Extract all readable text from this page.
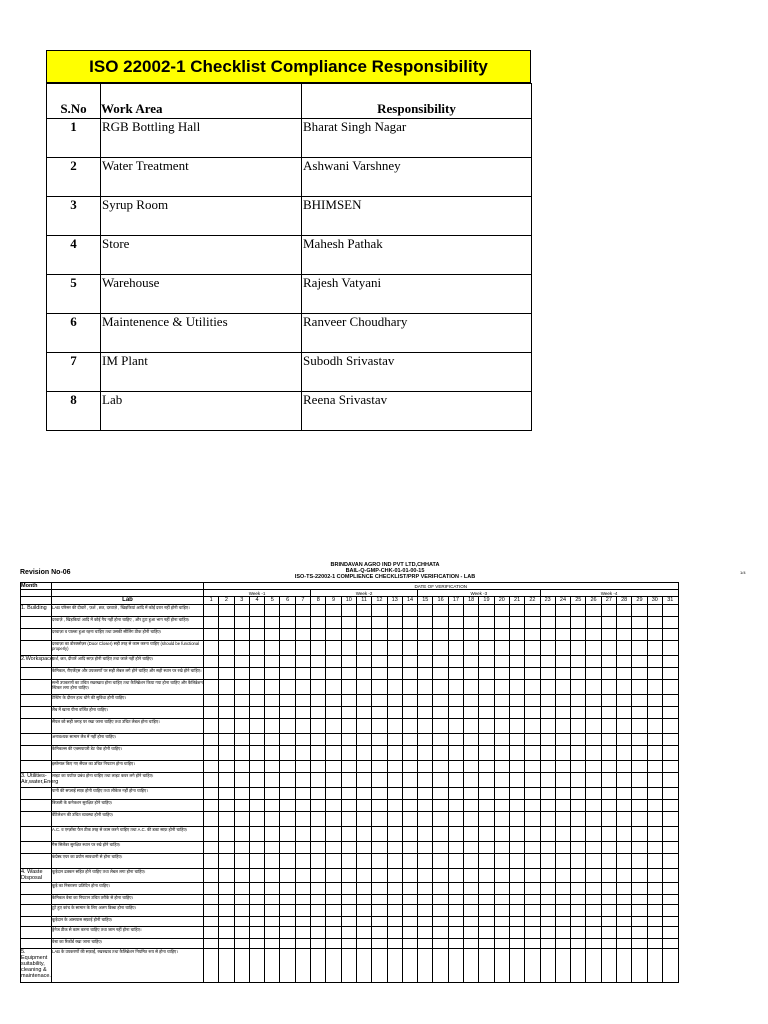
ISO 22002-1 Checklist Compliance Responsibility
S.No	Work Area	Responsibility
1	RGB Bottling Hall	Bharat Singh Nagar
2	Water Treatment	Ashwani Varshney
3	Syrup Room	BHIMSEN
4	Store	Mahesh Pathak
5	Warehouse	Rajesh Vatyani
6	Maintenence & Utilities	Ranveer Choudhary
7	IM Plant	Subodh Srivastav
8	Lab	Reena Srivastav
BRINDAVAN AGRO IND PVT LTD,CHHATA
BAIL-Q-GMP-CHK-01-01-00-15
ISO-TS-22002-1 COMPLIENCE CHECKLIST/PRP VERIFICATION - LAB
Revision No-06	1/4
Month		DATE OF VERIFICATION																														
		Week -1							Week -2							Week -3								Week -4								
	Lab	1	2	3	4	5	6	7	8	9	10	11	12	13	14	15	16	17	18	19	20	21	22	23	24	25	26	27	28	29	30	31
1. Building	LAB परिसर की दीवारें , फ़र्श , छत, दरवाज़े , खिड़कियां आदि में कोई दरार नहीं होनी चाहिए।																															
	दरवाज़े , खिड़कियां आदि में कोई गैप नहीं होना चाहिए , और टूटा हुआ भाग नहीं होना चाहिए।																															
	दरवाज़ा व पाल्ला हुआ रहना चाहिए तथा उसकी सीलिंग ठीक होनी चाहिए।																															
	दरवाज़ा का डोरक्लोज़र (Door Closer) सही तरह से काम करना चाहिए (should be functional properly)																															
2.Workspace	फ़र्श, छत, दीवारें आदि साफ़ होनी चाहिए तथा जाले नहीं होने चाहिए।																															
	केमिकल, रीएजेंट्स और उपकरणों पर सही लेबल लगे होने चाहिए और सही स्थान पर रखे होने चाहिए।																															
	सभी उपकरणों का उचित रखरखाव होना चाहिए तथा कैलिब्रेशन किया गया होना चाहिए और कैलिब्रेशन स्टिकर लगा होना चाहिए।																															
	टेस्टिंग के दौरान हाथ धोने की सुविधा होनी चाहिए।																															
	लैब में खाना पीना वर्जित होना चाहिए।																															
	सैंपल को सही जगह पर रखा जाना चाहिए तथा उचित लेबल होना चाहिए।																															
	अनावश्यक सामान लैब में नहीं होना चाहिए।																															
	केमिकल्स की एक्सपायरी डेट चेक होनी चाहिए।																															
	इस्तेमाल किए गए सैंपल का उचित निपटान होना चाहिए।																															
3. Utilities- Air,water,Energ	लाइट का पर्याप्त प्रबंध होना चाहिए तथा लाइट कवर लगे होने चाहिए।																															
	पानी की सप्लाई साफ़ होनी चाहिए तथा लीकेज नहीं होना चाहिए।																															
	बिजली के कनेक्शन सुरक्षित होने चाहिए।																															
	वेंटिलेशन की उचित व्यवस्था होनी चाहिए।																															
	A.C. व एग्ज़ॉस्ट फैन ठीक तरह से काम करने चाहिए तथा A.C. की डक्ट साफ़ होनी चाहिए।																															
	गैस सिलेंडर सुरक्षित स्थान पर रखे होने चाहिए।																															
	कंप्रेस्ड एयर का प्रयोग सावधानी से होना चाहिए।																															
4. Waste Disposal	कूड़ेदान ढक्कन सहित होने चाहिए तथा लेबल लगा होना चाहिए।																															
	कूड़े का निस्तारण प्रतिदिन होना चाहिए।																															
	केमिकल वेस्ट का निपटान उचित तरीके से होना चाहिए।																															
	टूटे हुए कांच के सामान के लिए अलग डिब्बा होना चाहिए।																															
	कूड़ेदान के आसपास सफ़ाई होनी चाहिए।																															
	ड्रेनेज ठीक से काम करना चाहिए तथा जाम नहीं होना चाहिए।																															
	वेस्ट का रिकॉर्ड रखा जाना चाहिए।																															
5. Equipment suitability, cleaning & maintenace.	LAB के उपकरणों की सफ़ाई, रखरखाव तथा कैलिब्रेशन नियमित रूप से होना चाहिए।																															
